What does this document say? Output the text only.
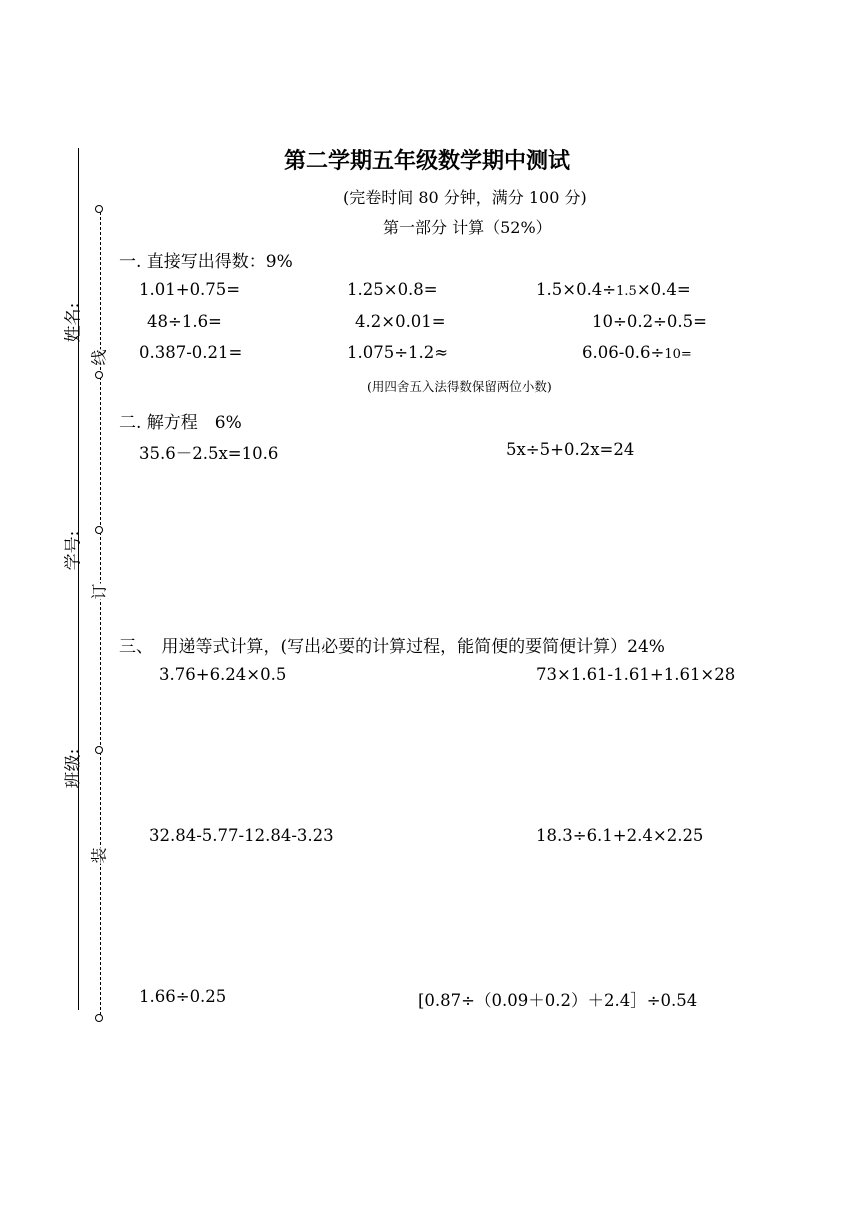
线
订
装
姓名:
学号:
班级:
第二学期五年级数学期中测试
(完卷时间 80 分钟，满分 100 分)
第一部分 计算（52%）
一. 直接写出得数：9%
1.01+0.75=	1.25×0.8=	1.5×0.4÷1.5×0.4=
48÷1.6=	4.2×0.01=	10÷0.2÷0.5=
0.387-0.21=	1.075÷1.2≈	6.06-0.6÷10=
(用四舍五入法得数保留两位小数)
二. 解方程　6%
35.6－2.5x=10.6	5x÷5+0.2x=24
三、　用递等式计算，(写出必要的计算过程，能简便的要简便计算）24%
3.76+6.24×0.5	73×1.61-1.61+1.61×28
32.84-5.77-12.84-3.23	18.3÷6.1+2.4×2.25
1.66÷0.25	[0.87÷（0.09＋0.2）＋2.4］÷0.54
